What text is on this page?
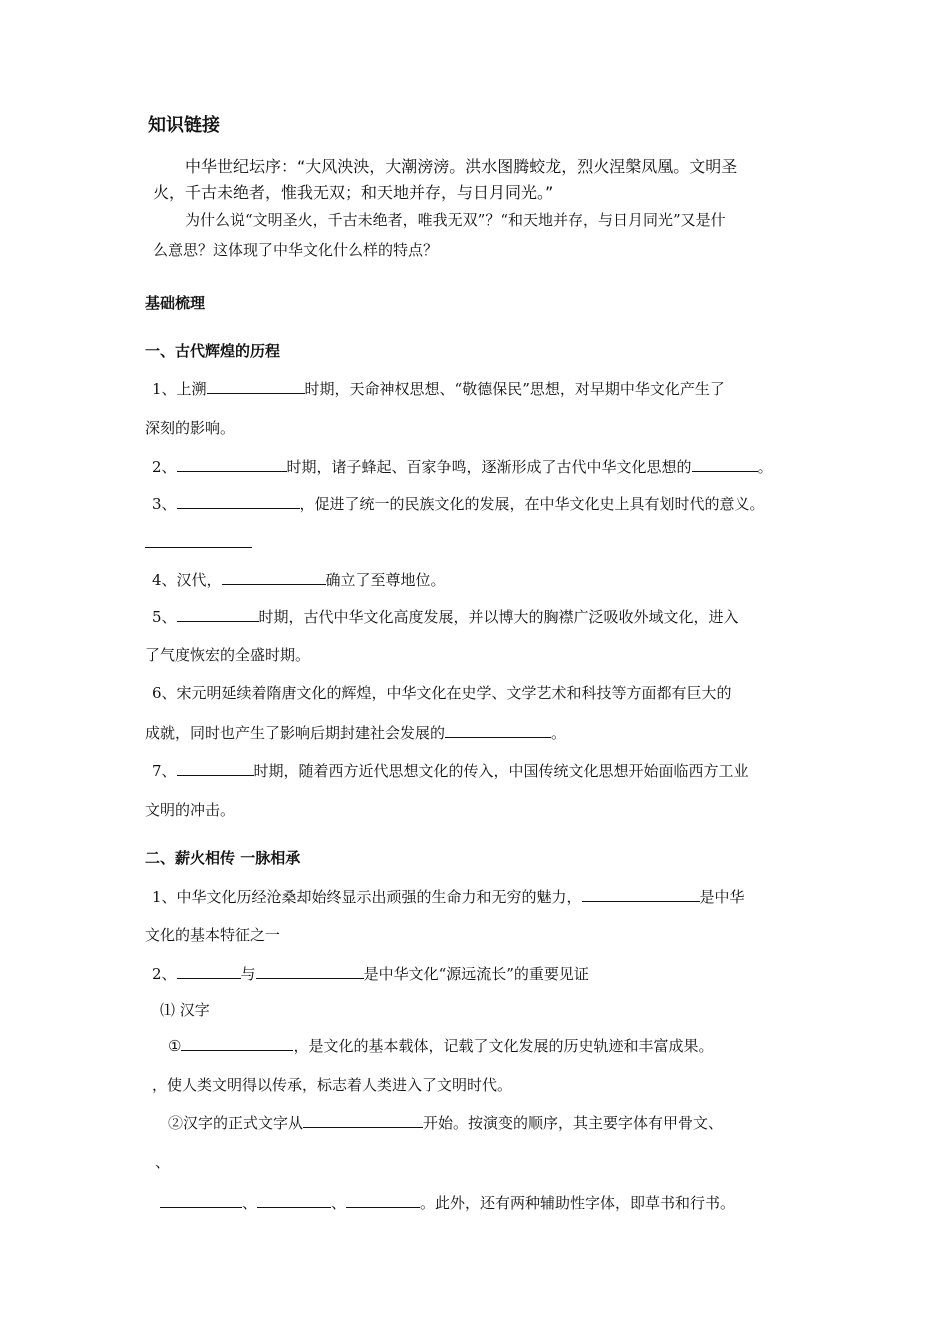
知识链接
中华世纪坛序：“大风泱泱，大潮滂滂。洪水图腾蛟龙，烈火涅槃凤凰。文明圣
火，千古未绝者，惟我无双；和天地并存，与日月同光。”
为什么说“文明圣火，千古未绝者，唯我无双”？“和天地并存，与日月同光”又是什
么意思？这体现了中华文化什么样的特点？
基础梳理
一、古代辉煌的历程
1、上溯	时期，天命神权思想、“敬德保民”思想，对早期中华文化产生了
深刻的影响。
2、	时期，诸子蜂起、百家争鸣，逐渐形成了古代中华文化思想的	。
3、	，促进了统一的民族文化的发展，在中华文化史上具有划时代的意义。
4、汉代，	确立了至尊地位。
5、	时期，古代中华文化高度发展，并以博大的胸襟广泛吸收外域文化，进入
了气度恢宏的全盛时期。
6、宋元明延续着隋唐文化的辉煌，中华文化在史学、文学艺术和科技等方面都有巨大的
成就，同时也产生了影响后期封建社会发展的	。
7、	时期，随着西方近代思想文化的传入，中国传统文化思想开始面临西方工业
文明的冲击。
二、薪火相传 一脉相承
1、中华文化历经沧桑却始终显示出顽强的生命力和无穷的魅力，	是中华
文化的基本特征之一
2、	与	是中华文化“源远流长”的重要见证
⑴ 汉字
①	，是文化的基本载体，记载了文化发展的历史轨迹和丰富成果。
，使人类文明得以传承，标志着人类进入了文明时代。
②汉字的正式文字从	开始。按演变的顺序，其主要字体有甲骨文、
、
、	、	。此外，还有两种辅助性字体，即草书和行书。
